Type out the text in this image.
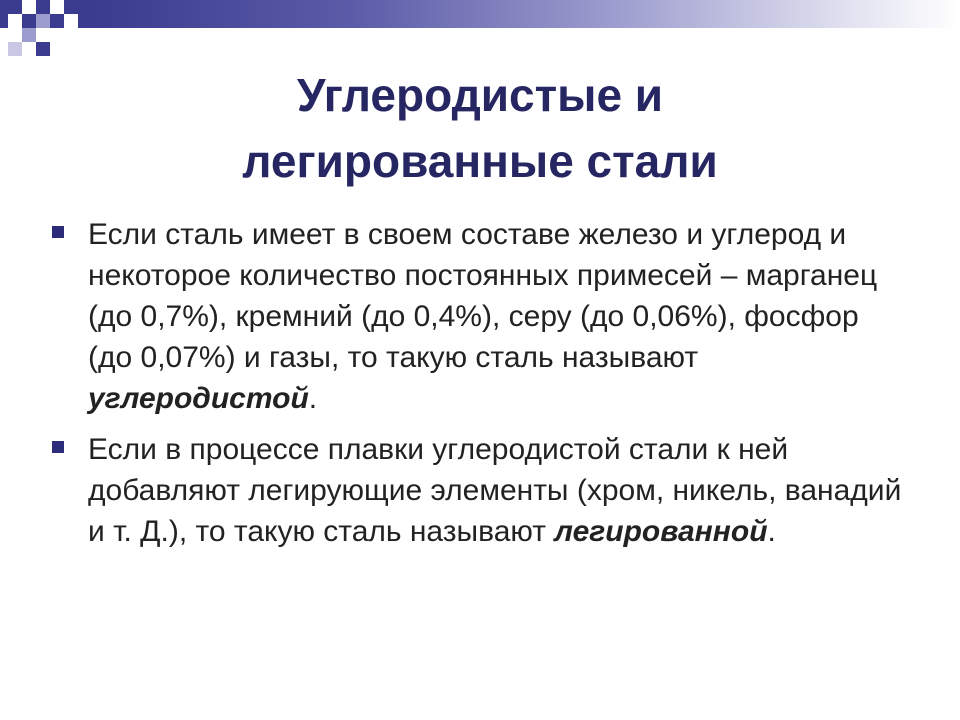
Углеродистые и
легированные стали
Если сталь имеет в своем составе железо и углерод и некоторое количество постоянных примесей – марганец (до 0,7%), кремний (до 0,4%), серу (до 0,06%), фосфор (до 0,07%) и газы, то такую сталь называют углеродистой.
Если в процессе плавки углеродистой стали к ней добавляют легирующие элементы (хром, никель, ванадий и т. Д.), то такую сталь называют легированной.
